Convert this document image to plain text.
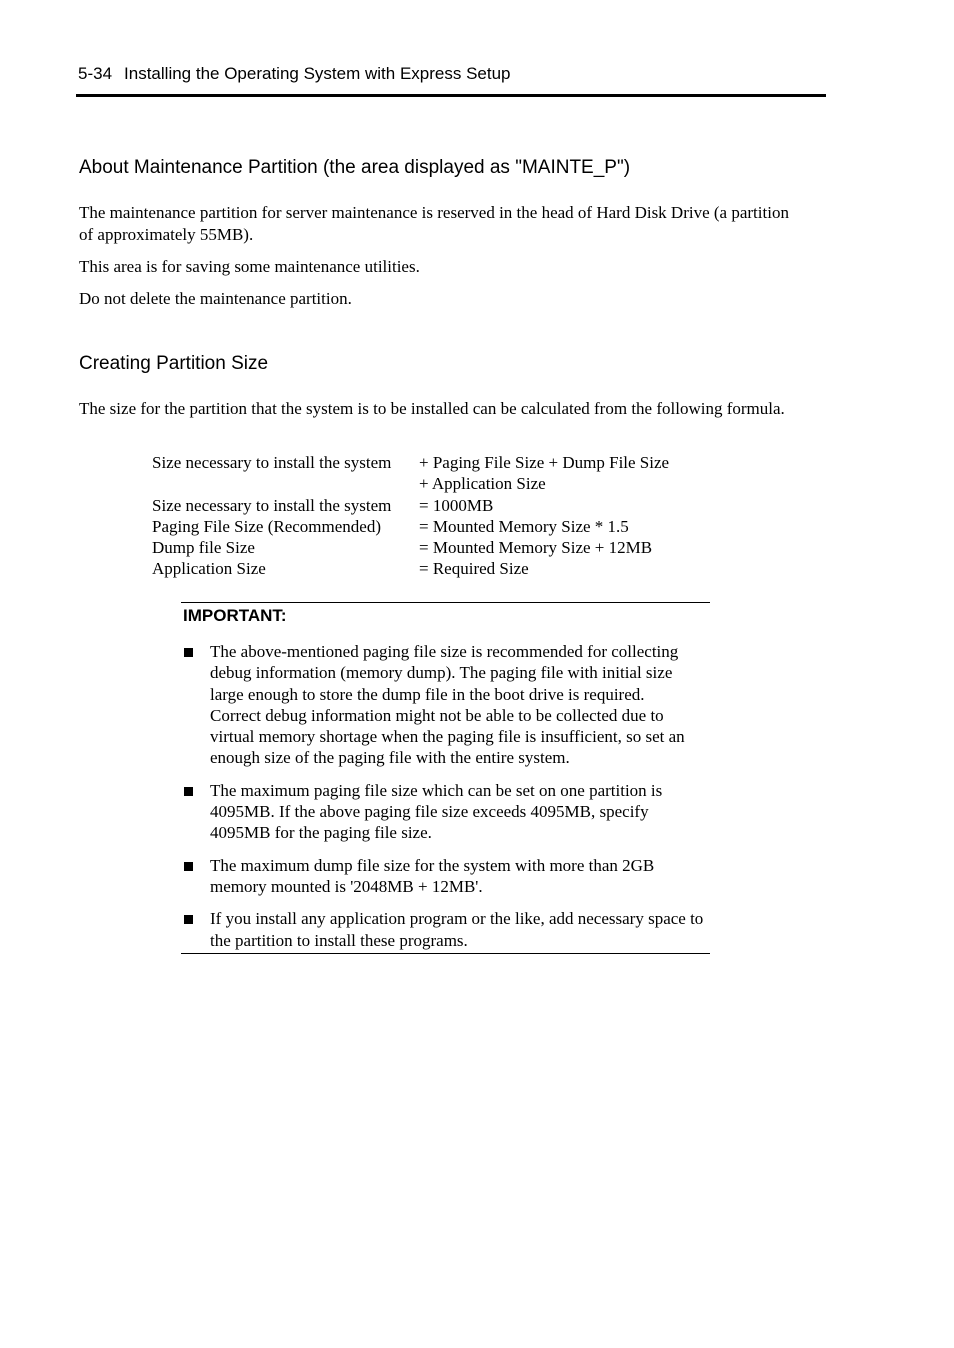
5-34 Installing the Operating System with Express Setup
About Maintenance Partition (the area displayed as "MAINTE_P")
The maintenance partition for server maintenance is reserved in the head of Hard Disk Drive (a partition of approximately 55MB).
This area is for saving some maintenance utilities.
Do not delete the maintenance partition.
Creating Partition Size
The size for the partition that the system is to be installed can be calculated from the following formula.
Size necessary to install the system	+ Paging File Size + Dump File Size
+ Application Size
Size necessary to install the system	= 1000MB
Paging File Size (Recommended)	= Mounted Memory Size * 1.5
Dump file Size	= Mounted Memory Size + 12MB
Application Size	= Required Size
IMPORTANT:

The above-mentioned paging file size is recommended for collecting debug information (memory dump). The paging file with initial size large enough to store the dump file in the boot drive is required.

Correct debug information might not be able to be collected due to virtual memory shortage when the paging file is insufficient, so set an enough size of the paging file with the entire system.

The maximum paging file size which can be set on one partition is 4095MB. If the above paging file size exceeds 4095MB, specify 4095MB for the paging file size.

The maximum dump file size for the system with more than 2GB memory mounted is '2048MB + 12MB'.

If you install any application program or the like, add necessary space to the partition to install these programs.
